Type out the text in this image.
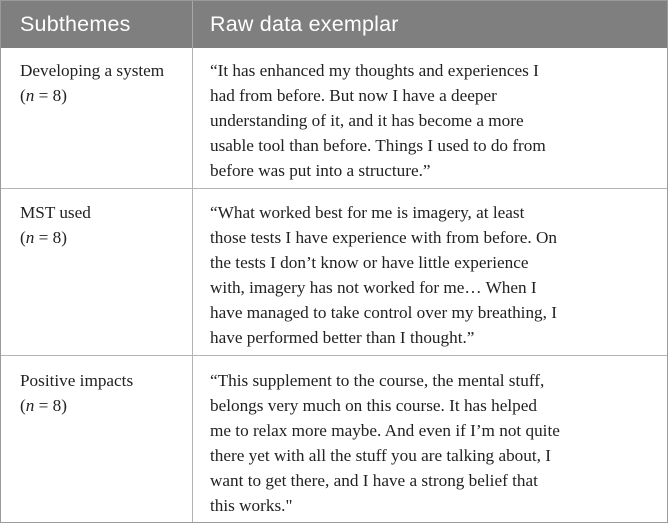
Subthemes	Raw data exemplar
Developing a system
(n = 8)
“It has enhanced my thoughts and experiences I
had from before. But now I have a deeper
understanding of it, and it has become a more
usable tool than before. Things I used to do from
before was put into a structure.”
MST used
(n = 8)
“What worked best for me is imagery, at least
those tests I have experience with from before. On
the tests I don’t know or have little experience
with, imagery has not worked for me… When I
have managed to take control over my breathing, I
have performed better than I thought.”
Positive impacts
(n = 8)
“This supplement to the course, the mental stuff,
belongs very much on this course. It has helped
me to relax more maybe. And even if I’m not quite
there yet with all the stuff you are talking about, I
want to get there, and I have a strong belief that
this works."
